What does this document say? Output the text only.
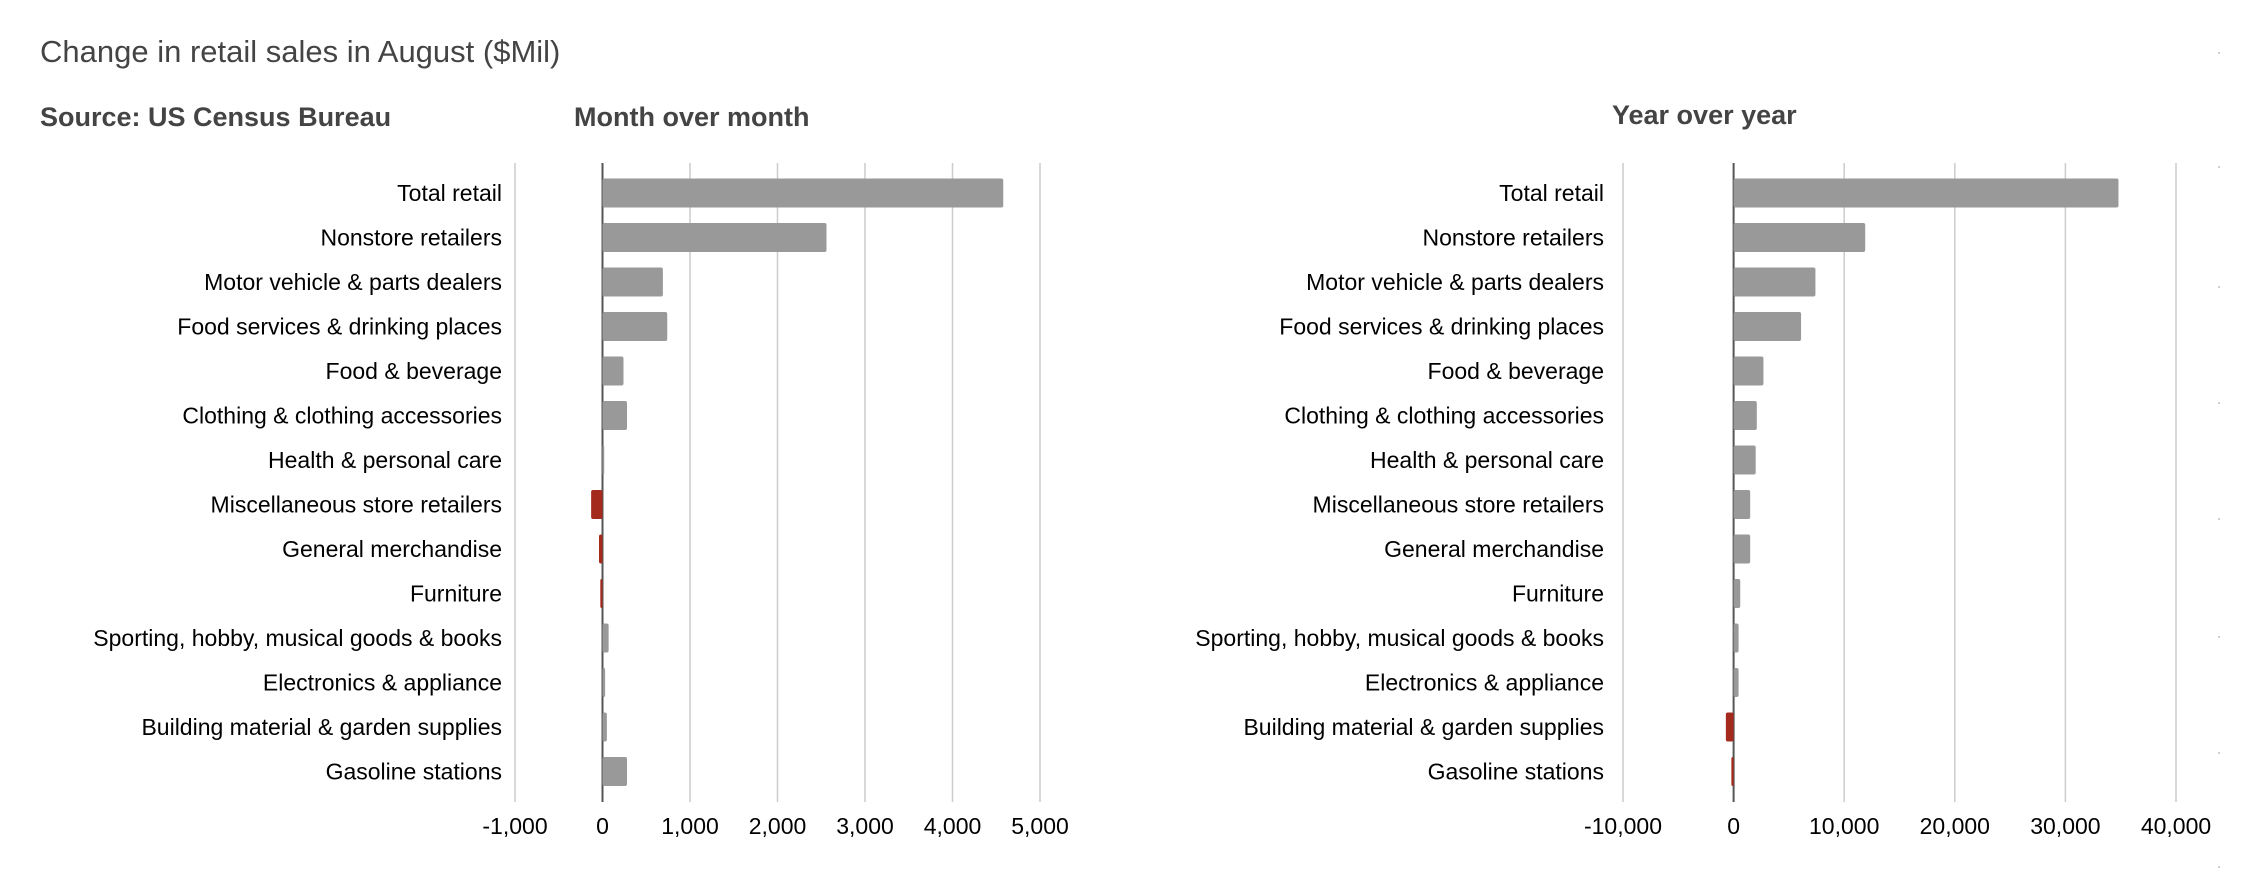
Change in retail sales in August ($Mil)
Source: US Census Bureau	Month over month	Year over year
-1,000 0 1,000 2,000 3,000 4,000 5,000
Total retail
Nonstore retailers
Motor vehicle & parts dealers
Food services & drinking places
Food & beverage
Clothing & clothing accessories
Health & personal care
Miscellaneous store retailers
General merchandise
Furniture
Sporting, hobby, musical goods & books
Electronics & appliance
Building material & garden supplies
Gasoline stations
-10,000	0	10,000 20,000 30,000 40,000
Total retail
Nonstore retailers
Motor vehicle & parts dealers
Food services & drinking places
Food & beverage
Clothing & clothing accessories
Health & personal care
Miscellaneous store retailers
General merchandise
Furniture
Sporting, hobby, musical goods & books
Electronics & appliance
Building material & garden supplies
Gasoline stations
